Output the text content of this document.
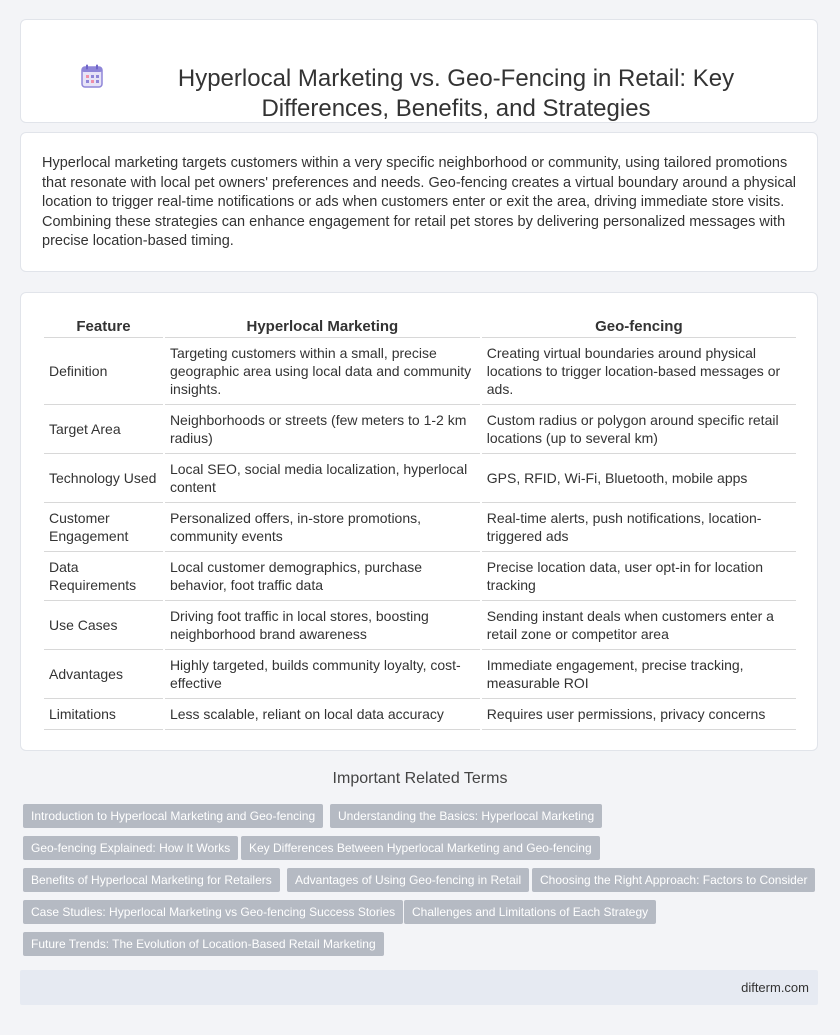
Hyperlocal Marketing vs. Geo-Fencing in Retail: Key Differences, Benefits, and Strategies

Hyperlocal marketing targets customers within a very specific neighborhood or community, using tailored promotions that resonate with local pet owners' preferences and needs. Geo-fencing creates a virtual boundary around a physical location to trigger real-time notifications or ads when customers enter or exit the area, driving immediate store visits. Combining these strategies can enhance engagement for retail pet stores by delivering personalized messages with precise location-based timing.

Feature	Hyperlocal Marketing	Geo-fencing
Definition	Targeting customers within a small, precise geographic area using local data and community insights.	Creating virtual boundaries around physical locations to trigger location-based messages or ads.
Target Area	Neighborhoods or streets (few meters to 1-2 km radius)	Custom radius or polygon around specific retail locations (up to several km)
Technology Used	Local SEO, social media localization, hyperlocal content	GPS, RFID, Wi-Fi, Bluetooth, mobile apps
Customer Engagement	Personalized offers, in-store promotions, community events	Real-time alerts, push notifications, location-triggered ads
Data Requirements	Local customer demographics, purchase behavior, foot traffic data	Precise location data, user opt-in for location tracking
Use Cases	Driving foot traffic in local stores, boosting neighborhood brand awareness	Sending instant deals when customers enter a retail zone or competitor area
Advantages	Highly targeted, builds community loyalty, cost-effective	Immediate engagement, precise tracking, measurable ROI
Limitations	Less scalable, reliant on local data accuracy	Requires user permissions, privacy concerns
Important Related Terms
Introduction to Hyperlocal Marketing and Geo-fencing	Understanding the Basics: Hyperlocal Marketing
Geo-fencing Explained: How It Works	Key Differences Between Hyperlocal Marketing and Geo-fencing
Benefits of Hyperlocal Marketing for Retailers	Advantages of Using Geo-fencing in Retail	Choosing the Right Approach: Factors to Consider
Case Studies: Hyperlocal Marketing vs Geo-fencing Success Stories	Challenges and Limitations of Each Strategy
Future Trends: The Evolution of Location-Based Retail Marketing
difterm.com
